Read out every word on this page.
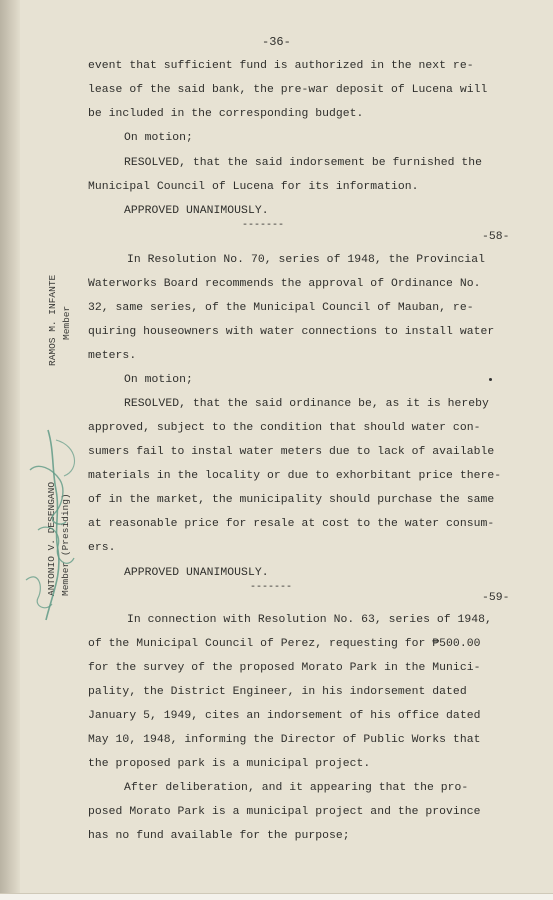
-36-
event that sufficient fund is authorized in the next re-
lease of the said bank, the pre-war deposit of Lucena will
be included in the corresponding budget.
On motion;
RESOLVED, that the said indorsement be furnished the
Municipal Council of Lucena for its information.
APPROVED UNANIMOUSLY.
-58-
In Resolution No. 70, series of 1948, the Provincial
Waterworks Board recommends the approval of Ordinance No.
32, same series, of the Municipal Council of Mauban, re-
quiring houseowners with water connections to install water
meters.
On motion;
RESOLVED, that the said ordinance be, as it is hereby
approved, subject to the condition that should water con-
sumers fail to instal water meters due to lack of available
materials in the locality or due to exhorbitant price there-
of in the market, the municipality should purchase the same
at reasonable price for resale at cost to the water consum-
ers.
APPROVED UNANIMOUSLY.
-59-
In connection with Resolution No. 63, series of 1948,
of the Municipal Council of Perez, requesting for ₱500.00
for the survey of the proposed Morato Park in the Munici-
pality, the District Engineer, in his indorsement dated
January 5, 1949, cites an indorsement of his office dated
May 10, 1948, informing the Director of Public Works that
the proposed park is a municipal project.
After deliberation, and it appearing that the pro-
posed Morato Park is a municipal project and the province
has no fund available for the purpose;
-------
-------
RAMOS M. INFANTE Member
ANTONIO V. DESENGANO Member (Presiding)
